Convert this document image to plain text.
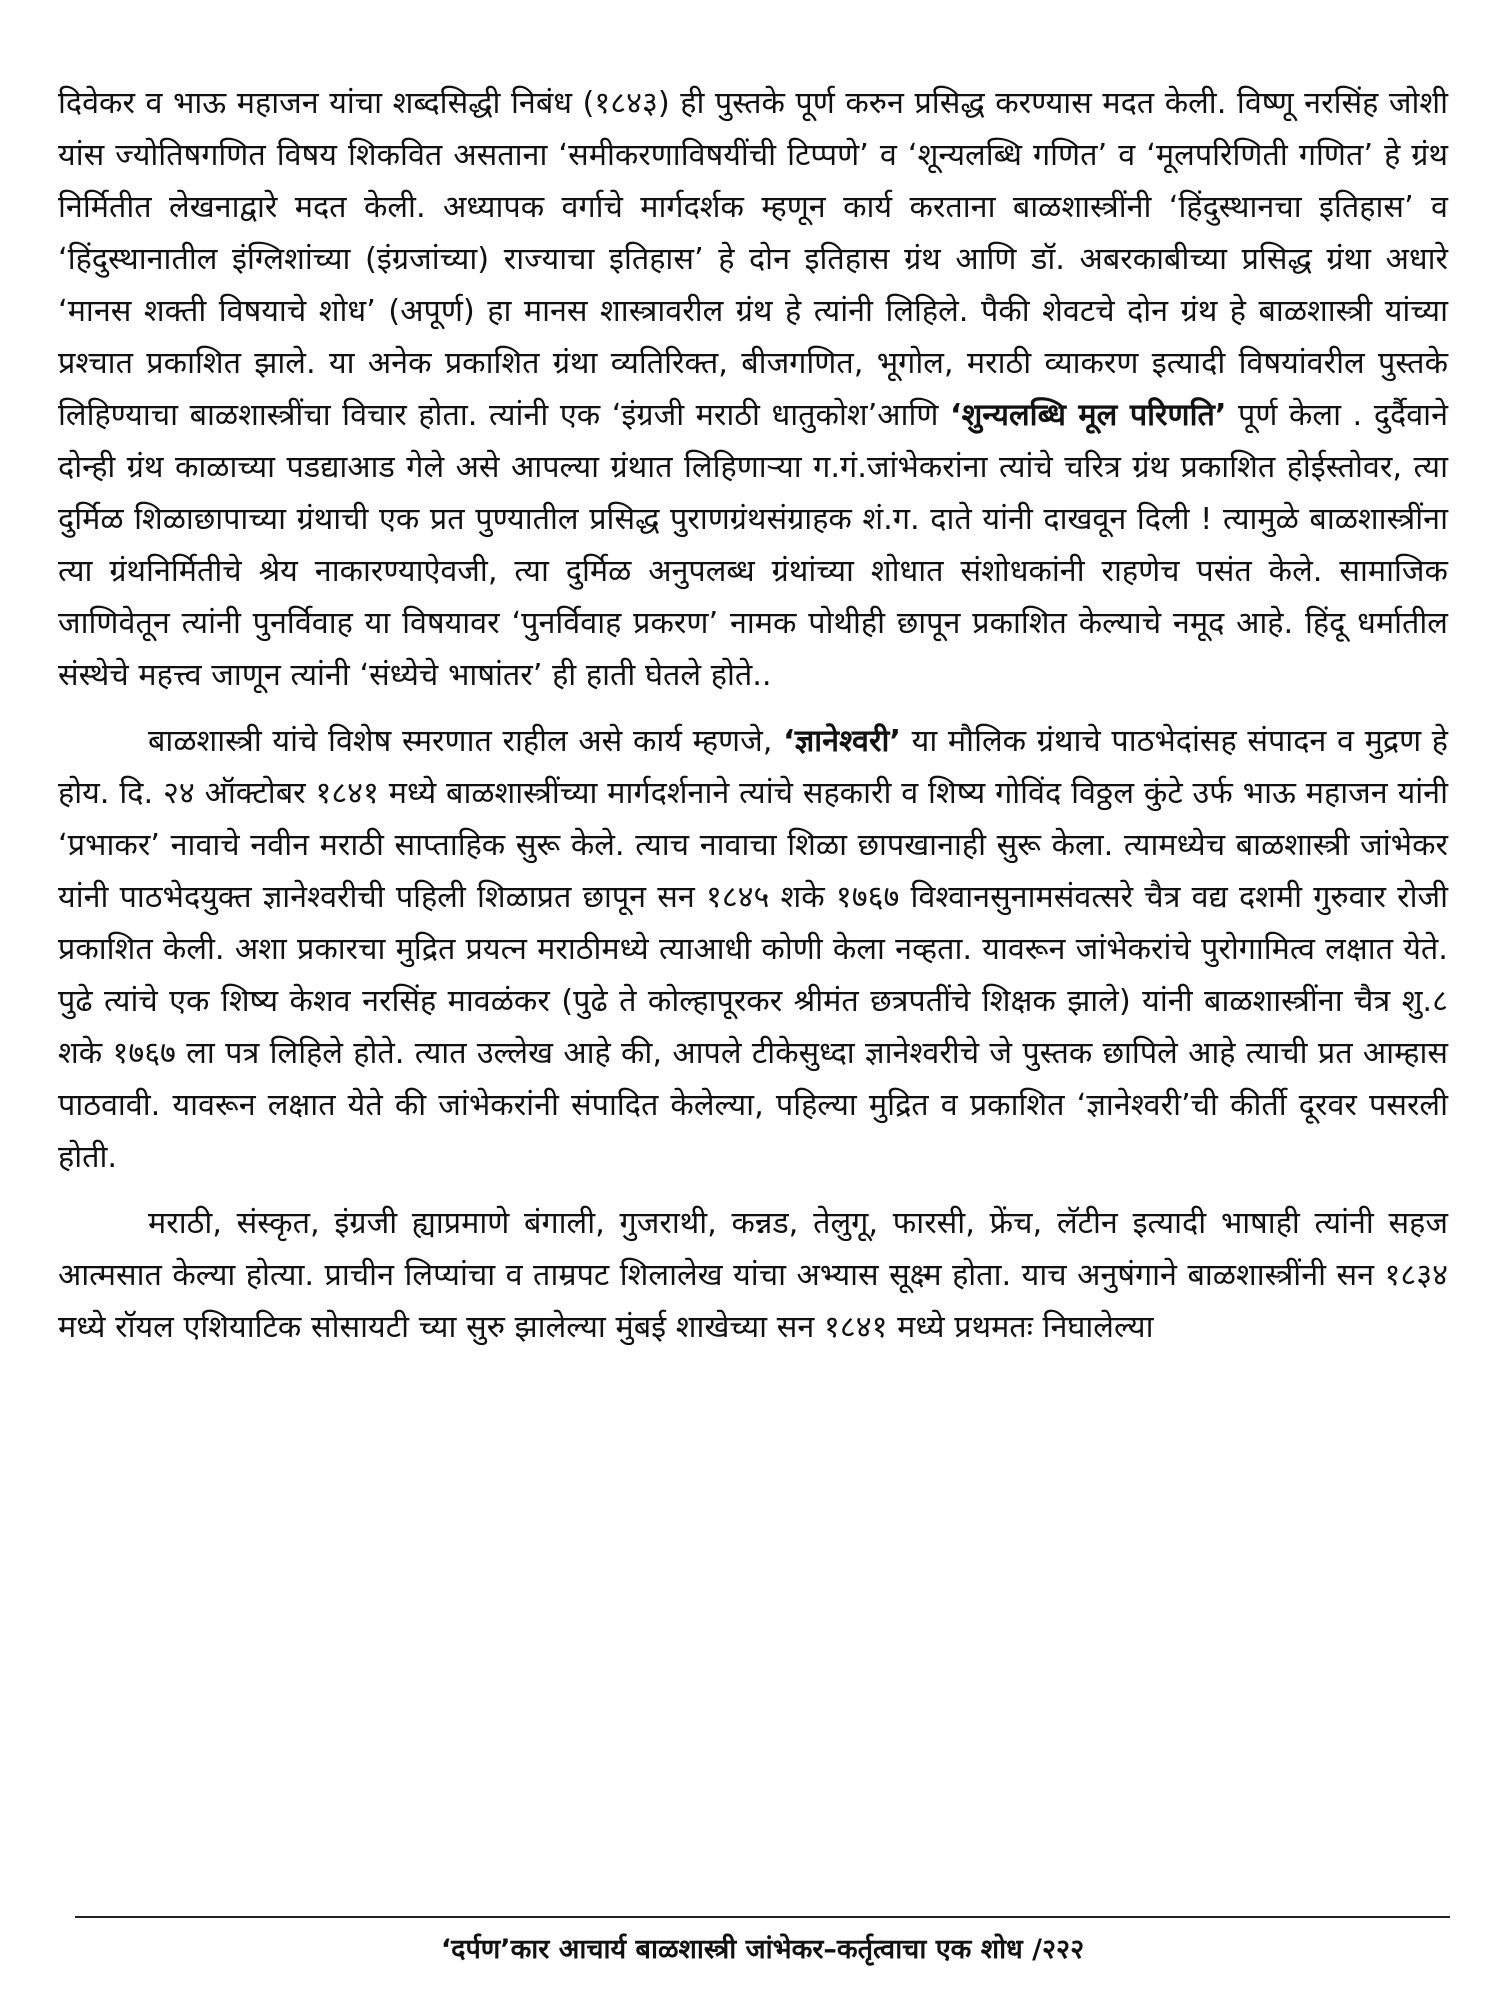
दिवेकर व भाऊ महाजन यांचा शब्दसिद्धी निबंध (१८४३) ही पुस्तके पूर्ण करुन प्रसिद्ध करण्यास मदत केली. विष्णू नरसिंह जोशी यांस ज्योतिषगणित विषय शिकवित असताना ‘समीकरणाविषयींची टिप्पणे’ व ‘शून्यलब्धि गणित’ व ‘मूलपरिणिती गणित’ हे ग्रंथ निर्मितीत लेखनाद्वारे मदत केली. अध्यापक वर्गाचे मार्गदर्शक म्हणून कार्य करताना बाळशास्त्रींनी ‘हिंदुस्थानचा इतिहास’ व ‘हिंदुस्थानातील इंग्लिशांच्या (इंग्रजांच्या) राज्याचा इतिहास’ हे दोन इतिहास ग्रंथ आणि डॉ. अबरकाबीच्या प्रसिद्ध ग्रंथा अधारे ‘मानस शक्ती विषयाचे शोध’ (अपूर्ण) हा मानस शास्त्रावरील ग्रंथ हे त्यांनी लिहिले. पैकी शेवटचे दोन ग्रंथ हे बाळशास्त्री यांच्या प्रश्चात प्रकाशित झाले. या अनेक प्रकाशित ग्रंथा व्यतिरिक्त, बीजगणित, भूगोल, मराठी व्याकरण इत्यादी विषयांवरील पुस्तके लिहिण्याचा बाळशास्त्रींचा विचार होता. त्यांनी एक ‘इंग्रजी मराठी धातुकोश’आणि ‘शुन्यलब्धि मूल परिणति’ पूर्ण केला . दुर्दैवाने दोन्ही ग्रंथ काळाच्या पडद्याआड गेले असे आपल्या ग्रंथात लिहिणाऱ्या ग.गं.जांभेकरांना त्यांचे चरित्र ग्रंथ प्रकाशित होईस्तोवर, त्या दुर्मिळ शिळाछापाच्या ग्रंथाची एक प्रत पुण्यातील प्रसिद्ध पुराणग्रंथसंग्राहक शं.ग. दाते यांनी दाखवून दिली ! त्यामुळे बाळशास्त्रींना त्या ग्रंथनिर्मितीचे श्रेय नाकारण्याऐवजी, त्या दुर्मिळ अनुपलब्ध ग्रंथांच्या शोधात संशोधकांनी राहणेच पसंत केले. सामाजिक जाणिवेतून त्यांनी पुनर्विवाह या विषयावर ‘पुनर्विवाह प्रकरण’ नामक पोथीही छापून प्रकाशित केल्याचे नमूद आहे. हिंदू धर्मातील संस्थेचे महत्त्व जाणून त्यांनी ‘संध्येचे भाषांतर’ ही हाती घेतले होते..

बाळशास्त्री यांचे विशेष स्मरणात राहील असे कार्य म्हणजे, ‘ज्ञानेश्वरी’ या मौलिक ग्रंथाचे पाठभेदांसह संपादन व मुद्रण हे होय. दि. २४ ऑक्टोबर १८४१ मध्ये बाळशास्त्रींच्या मार्गदर्शनाने त्यांचे सहकारी व शिष्य गोविंद विठ्ठल कुंटे उर्फ भाऊ महाजन यांनी ‘प्रभाकर’ नावाचे नवीन मराठी साप्ताहिक सुरू केले. त्याच नावाचा शिळा छापखानाही सुरू केला. त्यामध्येच बाळशास्त्री जांभेकर यांनी पाठभेदयुक्त ज्ञानेश्वरीची पहिली शिळाप्रत छापून सन १८४५ शके १७६७ विश्वानसुनामसंवत्सरे चैत्र वद्य दशमी गुरुवार रोजी प्रकाशित केली. अशा प्रकारचा मुद्रित प्रयत्न मराठीमध्ये त्याआधी कोणी केला नव्हता. यावरून जांभेकरांचे पुरोगामित्व लक्षात येते. पुढे त्यांचे एक शिष्य केशव नरसिंह मावळंकर (पुढे ते कोल्हापूरकर श्रीमंत छत्रपतींचे शिक्षक झाले) यांनी बाळशास्त्रींना चैत्र शु.८ शके १७६७ ला पत्र लिहिले होते. त्यात उल्लेख आहे की, आपले टीकेसुध्दा ज्ञानेश्वरीचे जे पुस्तक छापिले आहे त्याची प्रत आम्हास पाठवावी. यावरून लक्षात येते की जांभेकरांनी संपादित केलेल्या, पहिल्या मुद्रित व प्रकाशित ‘ज्ञानेश्वरी’ची कीर्ती दूरवर पसरली होती.

मराठी, संस्कृत, इंग्रजी ह्याप्रमाणे बंगाली, गुजराथी, कन्नड, तेलुगू, फारसी, फ्रेंच, लॅटीन इत्यादी भाषाही त्यांनी सहज आत्मसात केल्या होत्या. प्राचीन लिप्यांचा व ताम्रपट शिलालेख यांचा अभ्यास सूक्ष्म होता. याच अनुषंगाने बाळशास्त्रींनी सन १८३४ मध्ये रॉयल एशियाटिक सोसायटी च्या सुरु झालेल्या मुंबई शाखेच्या सन १८४१ मध्ये प्रथमतः निघालेल्या

‘दर्पण’कार आचार्य बाळशास्त्री जांभेकर–कर्तृत्वाचा एक शोध /२२२
